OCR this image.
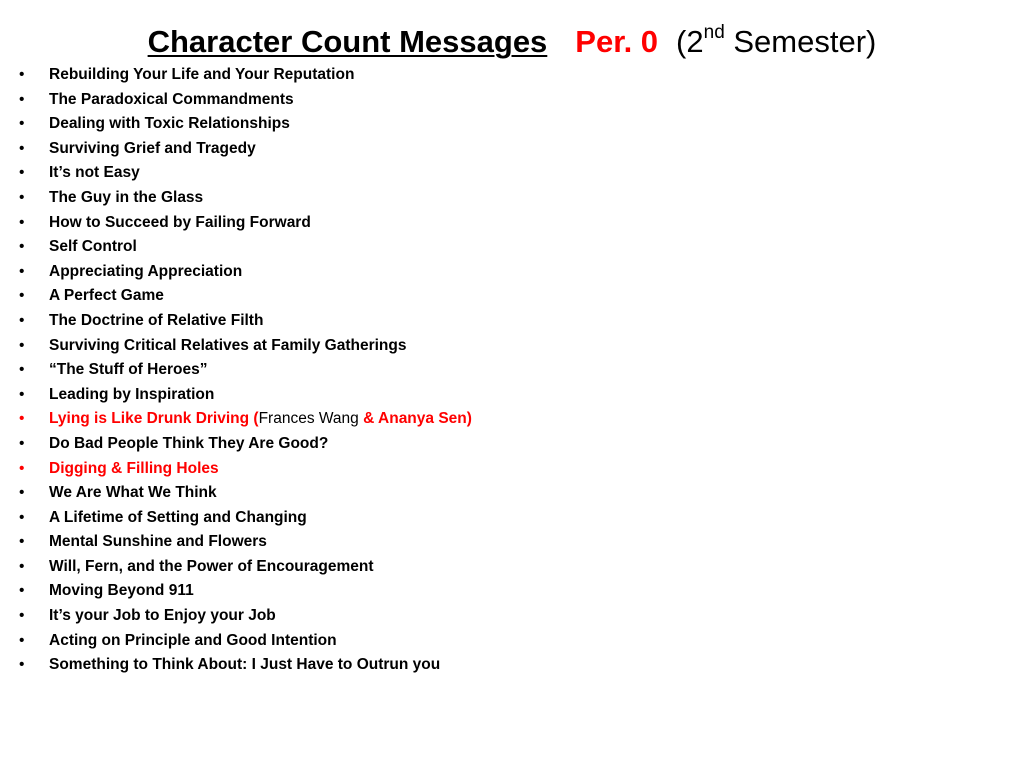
Character Count Messages Per. 0 (2nd Semester)
• Rebuilding Your Life and Your Reputation
• The Paradoxical Commandments
• Dealing with Toxic Relationships
• Surviving Grief and Tragedy
• It’s not Easy
• The Guy in the Glass
• How to Succeed by Failing Forward
• Self Control
• Appreciating Appreciation
• A Perfect Game
• The Doctrine of Relative Filth
• Surviving Critical Relatives at Family Gatherings
• “The Stuff of Heroes”
• Leading by Inspiration
• Lying is Like Drunk Driving (Frances Wang & Ananya Sen)
• Do Bad People Think They Are Good?
• Digging & Filling Holes
• We Are What We Think
• A Lifetime of Setting and Changing
• Mental Sunshine and Flowers
• Will, Fern, and the Power of Encouragement
• Moving Beyond 911
• It’s your Job to Enjoy your Job
• Acting on Principle and Good Intention
• Something to Think About: I Just Have to Outrun you
